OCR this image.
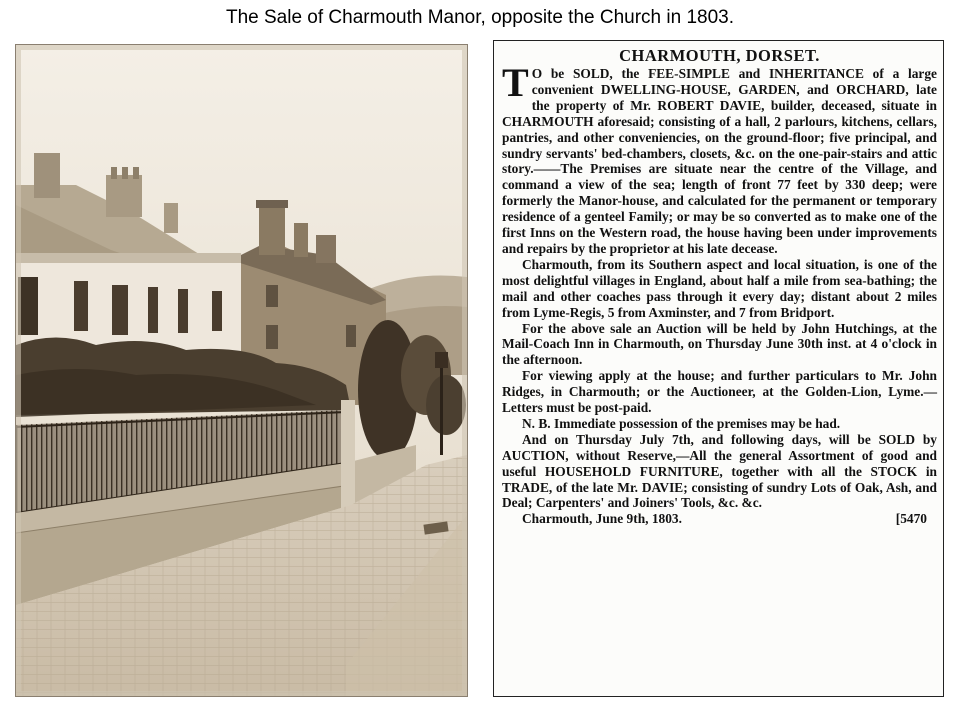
The Sale of Charmouth Manor, opposite the Church in 1803.
CHARMOUTH, DORSET.

TO be SOLD, the FEE-SIMPLE and INHERITANCE of a large convenient DWELLING-HOUSE, GARDEN, and ORCHARD, late the property of Mr. ROBERT DAVIE, builder, deceased, situate in CHARMOUTH aforesaid; consisting of a hall, 2 parlours, kitchens, cellars, pantries, and other conveniencies, on the ground-floor; five principal, and sundry servants' bed-chambers, closets, &c. on the one-pair-stairs and attic story.——The Premises are situate near the centre of the Village, and command a view of the sea; length of front 77 feet by 330 deep; were formerly the Manor-house, and calculated for the permanent or temporary residence of a genteel Family; or may be so converted as to make one of the first Inns on the Western road, the house having been under improvements and repairs by the proprietor at his late decease.

Charmouth, from its Southern aspect and local situation, is one of the most delightful villages in England, about half a mile from sea-bathing; the mail and other coaches pass through it every day; distant about 2 miles from Lyme-Regis, 5 from Axminster, and 7 from Bridport.

For the above sale an Auction will be held by John Hutchings, at the Mail-Coach Inn in Charmouth, on Thursday June 30th inst. at 4 o'clock in the afternoon.

For viewing apply at the house; and further particulars to Mr. John Ridges, in Charmouth; or the Auctioneer, at the Golden-Lion, Lyme.—Letters must be post-paid.

N. B. Immediate possession of the premises may be had.

And on Thursday July 7th, and following days, will be SOLD by AUCTION, without Reserve,—All the general Assortment of good and useful HOUSEHOLD FURNITURE, together with all the STOCK in TRADE, of the late Mr. DAVIE; consisting of sundry Lots of Oak, Ash, and Deal; Carpenters' and Joiners' Tools, &c. &c.

Charmouth, June 9th, 1803.	[5470
